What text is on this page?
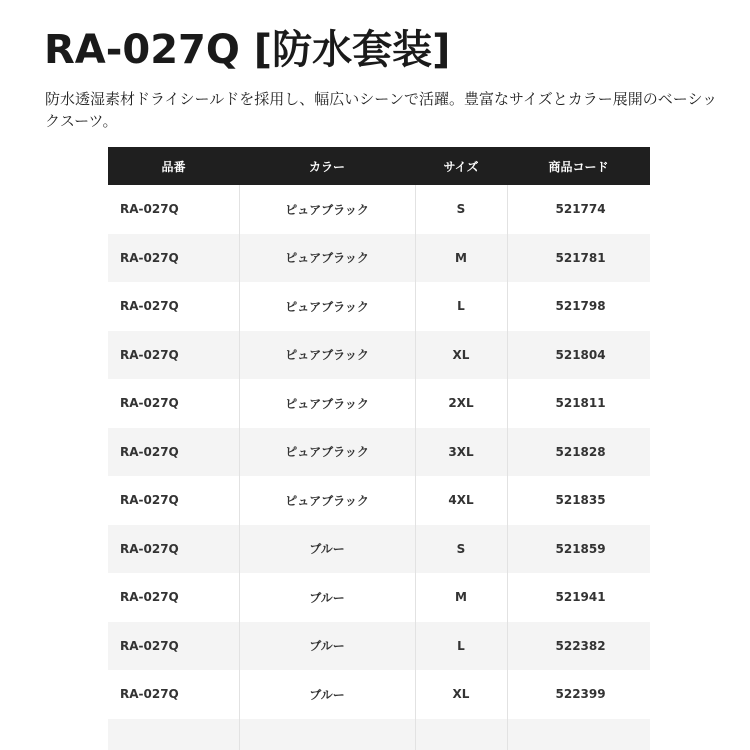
RA-027Q [防水套装]

防水透湿素材ドライシールドを採用し、幅広いシーンで活躍。豊富なサイズとカラー展開のベーシックスーツ。

品番	カラー	サイズ	商品コード
RA-027Q	ピュアブラック	S	521774
RA-027Q	ピュアブラック	M	521781
RA-027Q	ピュアブラック	L	521798
RA-027Q	ピュアブラック	XL	521804
RA-027Q	ピュアブラック	2XL	521811
RA-027Q	ピュアブラック	3XL	521828
RA-027Q	ピュアブラック	4XL	521835
RA-027Q	ブルー	S	521859
RA-027Q	ブルー	M	521941
RA-027Q	ブルー	L	522382
RA-027Q	ブルー	XL	522399
